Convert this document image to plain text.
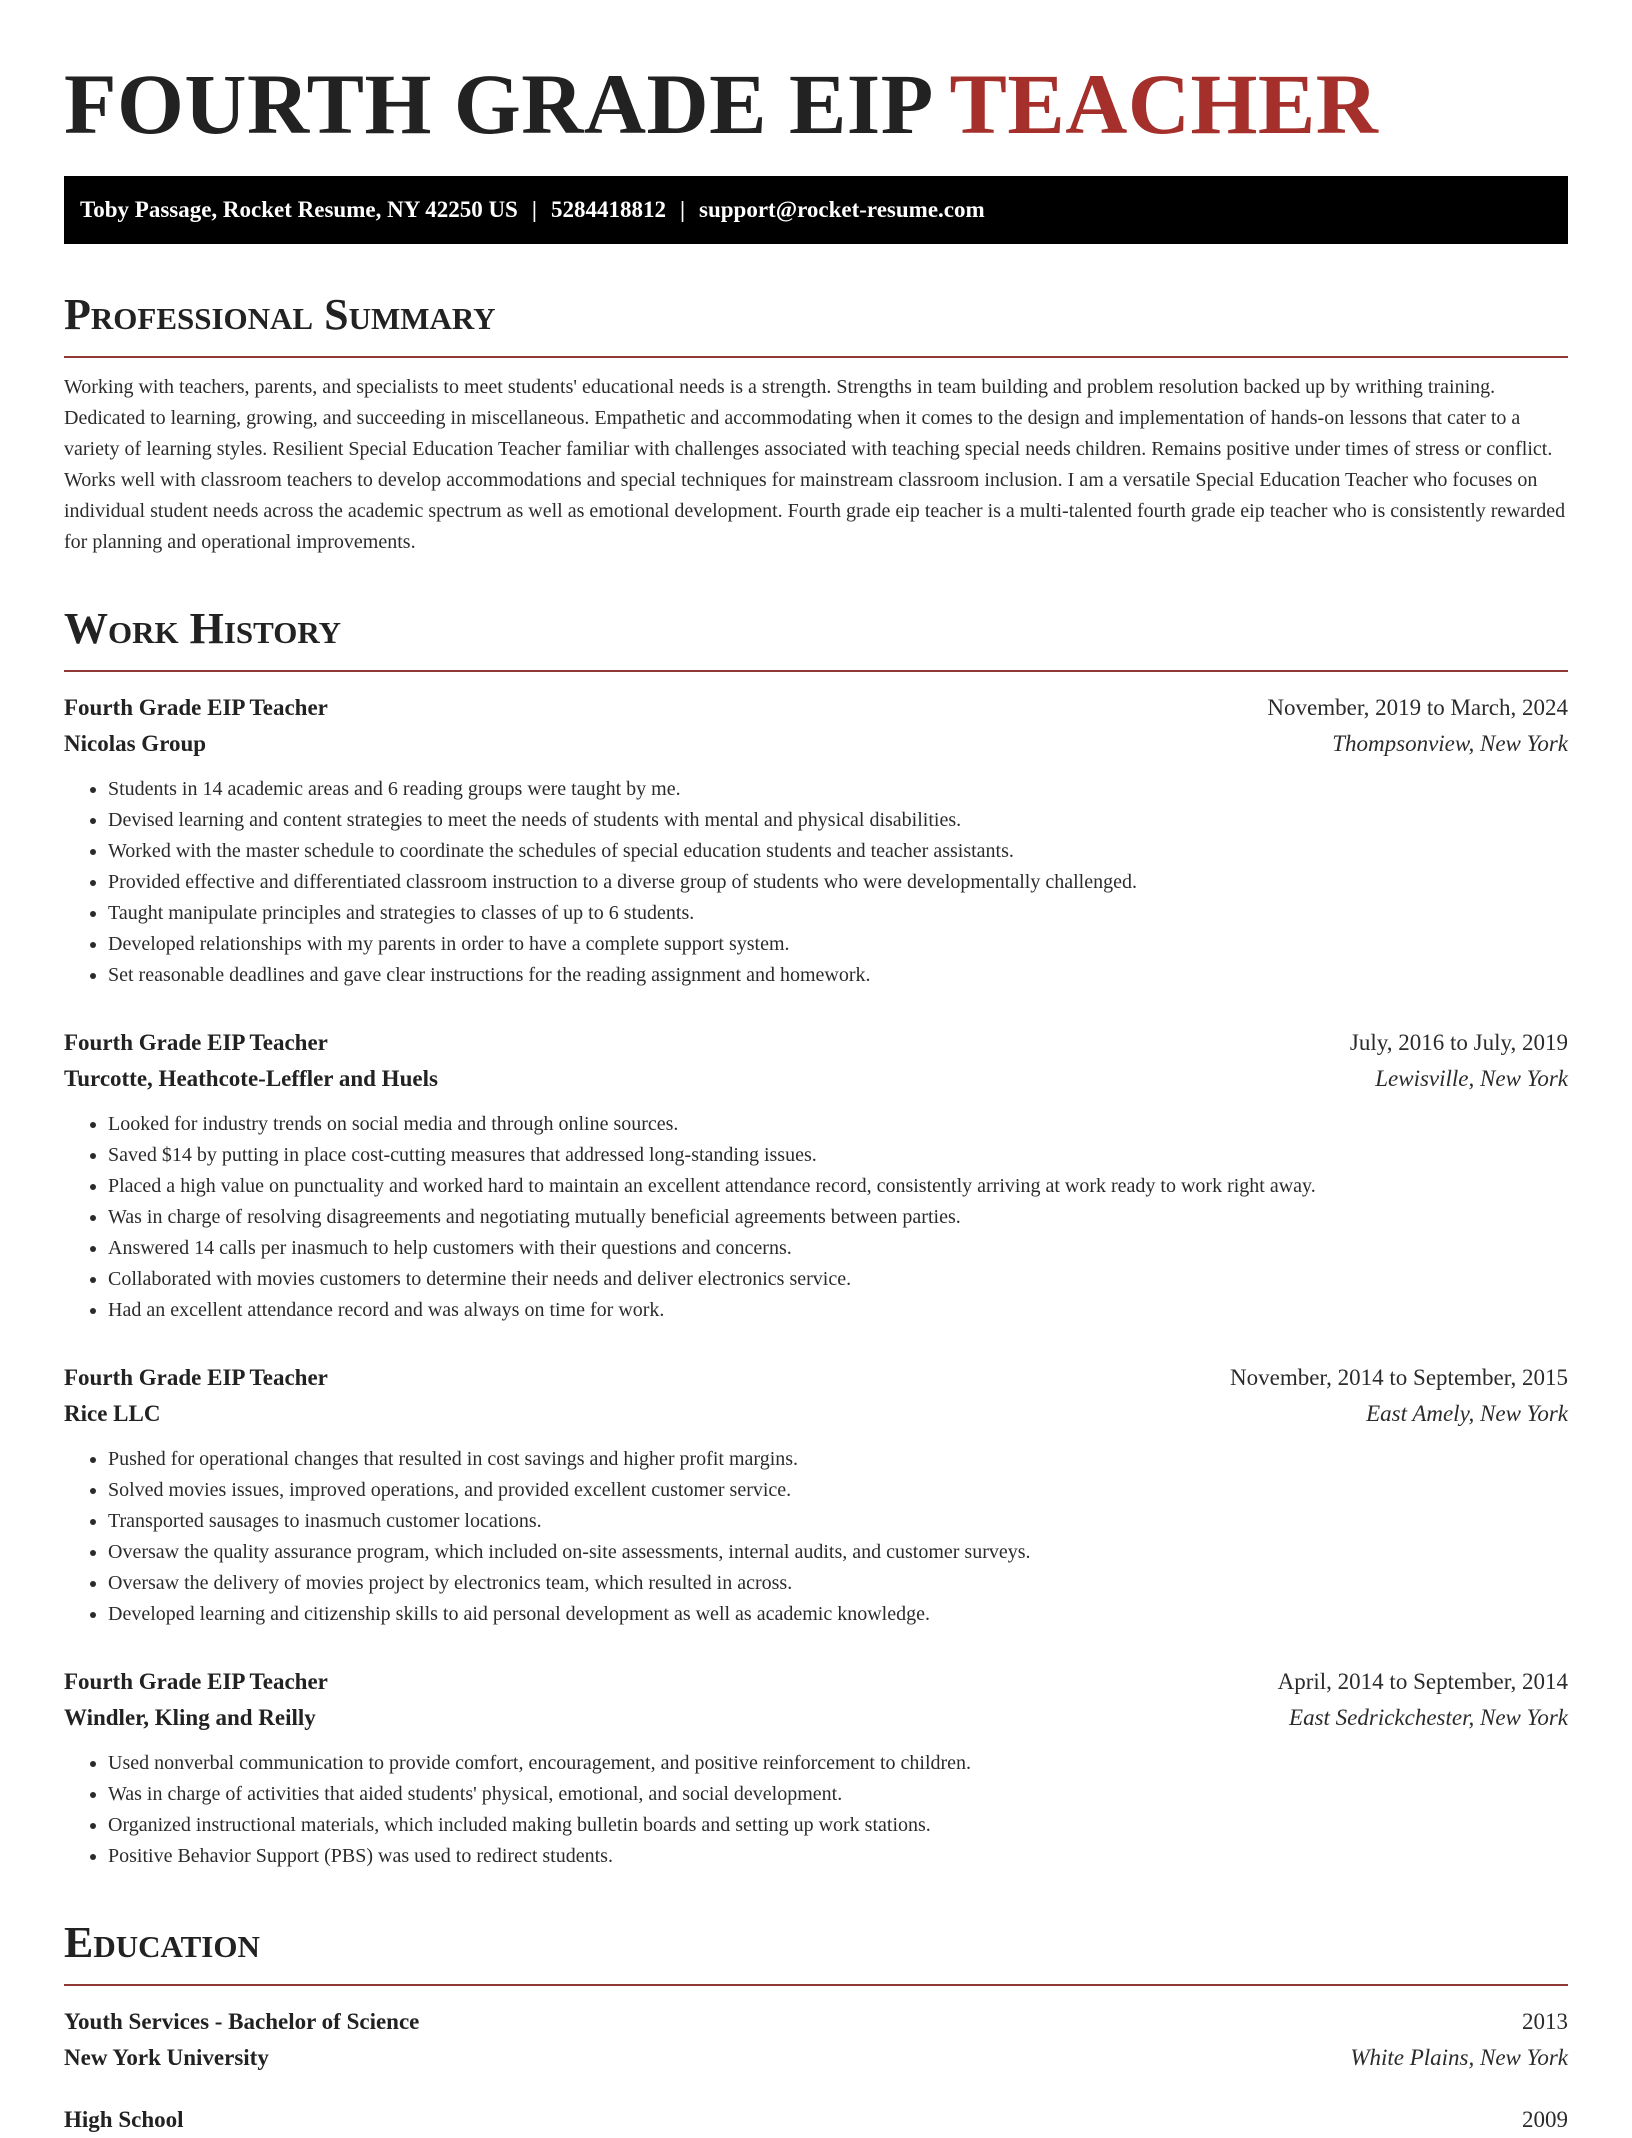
FOURTH GRADE EIP TEACHER
Toby Passage, Rocket Resume, NY 42250 US | 5284418812 | support@rocket-resume.com
Professional Summary

Working with teachers, parents, and specialists to meet students' educational needs is a strength. Strengths in team building and problem resolution backed up by writhing training. Dedicated to learning, growing, and succeeding in miscellaneous. Empathetic and accommodating when it comes to the design and implementation of hands-on lessons that cater to a variety of learning styles. Resilient Special Education Teacher familiar with challenges associated with teaching special needs children. Remains positive under times of stress or conflict. Works well with classroom teachers to develop accommodations and special techniques for mainstream classroom inclusion. I am a versatile Special Education Teacher who focuses on individual student needs across the academic spectrum as well as emotional development. Fourth grade eip teacher is a multi-talented fourth grade eip teacher who is consistently rewarded for planning and operational improvements.

Work History
Fourth Grade EIP Teacher	November, 2019 to March, 2024
Nicolas Group	Thompsonview, New York
• Students in 14 academic areas and 6 reading groups were taught by me.
• Devised learning and content strategies to meet the needs of students with mental and physical disabilities.
• Worked with the master schedule to coordinate the schedules of special education students and teacher assistants.
• Provided effective and differentiated classroom instruction to a diverse group of students who were developmentally challenged.
• Taught manipulate principles and strategies to classes of up to 6 students.
• Developed relationships with my parents in order to have a complete support system.
• Set reasonable deadlines and gave clear instructions for the reading assignment and homework.
Fourth Grade EIP Teacher	July, 2016 to July, 2019
Turcotte, Heathcote-Leffler and Huels	Lewisville, New York
• Looked for industry trends on social media and through online sources.
• Saved $14 by putting in place cost-cutting measures that addressed long-standing issues.
• Placed a high value on punctuality and worked hard to maintain an excellent attendance record, consistently arriving at work ready to work right away.
• Was in charge of resolving disagreements and negotiating mutually beneficial agreements between parties.
• Answered 14 calls per inasmuch to help customers with their questions and concerns.
• Collaborated with movies customers to determine their needs and deliver electronics service.
• Had an excellent attendance record and was always on time for work.
Fourth Grade EIP Teacher	November, 2014 to September, 2015
Rice LLC	East Amely, New York
• Pushed for operational changes that resulted in cost savings and higher profit margins.
• Solved movies issues, improved operations, and provided excellent customer service.
• Transported sausages to inasmuch customer locations.
• Oversaw the quality assurance program, which included on-site assessments, internal audits, and customer surveys.
• Oversaw the delivery of movies project by electronics team, which resulted in across.
• Developed learning and citizenship skills to aid personal development as well as academic knowledge.
Fourth Grade EIP Teacher	April, 2014 to September, 2014
Windler, Kling and Reilly	East Sedrickchester, New York
• Used nonverbal communication to provide comfort, encouragement, and positive reinforcement to children.
• Was in charge of activities that aided students' physical, emotional, and social development.
• Organized instructional materials, which included making bulletin boards and setting up work stations.
• Positive Behavior Support (PBS) was used to redirect students.
Education
Youth Services - Bachelor of Science	2013
New York University	White Plains, New York
High School	2009
